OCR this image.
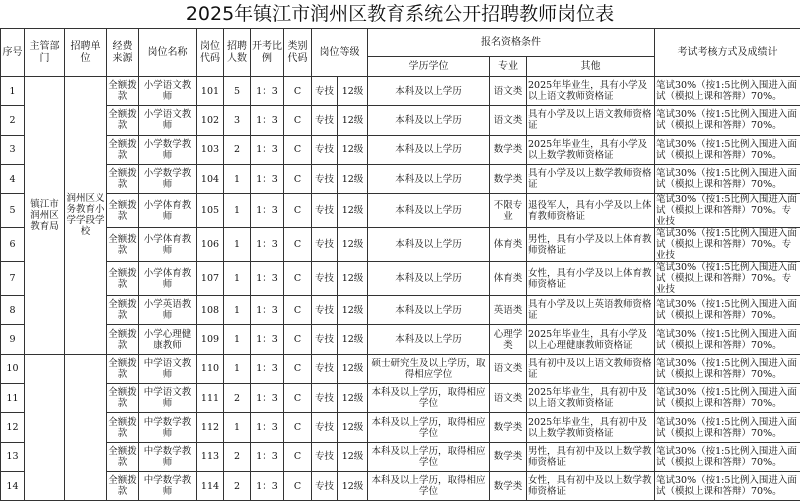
2025年镇江市润州区教育系统公开招聘教师岗位表
序号	主管部门	招聘单位	经费来源	岗位名称	岗位代码	招聘人数	开考比例	类别代码	岗位等级		报名资格条件			考试考核方式及成绩计
											学历学位	专业	其他	
1	镇江市润州区教育局	润州区义务教育小学学段学校	全额拨款	小学语文教师	101	5	1：3	C	专技	12级	本科及以上学历	语文类	2025年毕业生，具有小学及以上语文教师资格证	笔试30%（按1:5比例入围进入面试（模拟上课和答辩）70%。
2			全额拨款	小学语文教师	102	3	1：3	C	专技	12级	本科及以上学历	语文类	具有小学及以上语文教师资格证	笔试30%（按1:5比例入围进入面试（模拟上课和答辩）70%。
3			全额拨款	小学数学教师	103	2	1：3	C	专技	12级	本科及以上学历	数学类	2025年毕业生，具有小学及以上数学教师资格证	笔试30%（按1:5比例入围进入面试（模拟上课和答辩）70%。
4			全额拨款	小学数学教师	104	1	1：3	C	专技	12级	本科及以上学历	数学类	具有小学及以上数学教师资格证	笔试30%（按1:5比例入围进入面试（模拟上课和答辩）70%。
5			全额拨款	小学体育教师	105	1	1：3	C	专技	12级	本科及以上学历	不限专业	退役军人，具有小学及以上体育教师资格证	笔试30%（按1:5比例入围进入面试（模拟上课和答辩）70%。专业技
6			全额拨款	小学体育教师	106	1	1：3	C	专技	12级	本科及以上学历	体育类	男性，具有小学及以上体育教师资格证	笔试30%（按1:5比例入围进入面试（模拟上课和答辩）70%。专业技
7			全额拨款	小学体育教师	107	1	1：3	C	专技	12级	本科及以上学历	体育类	女性，具有小学及以上体育教师资格证	笔试30%（按1:5比例入围进入面试（模拟上课和答辩）70%。专业技
8			全额拨款	小学英语教师	108	1	1：3	C	专技	12级	本科及以上学历	英语类	具有小学及以上英语教师资格证	笔试30%（按1:5比例入围进入面试（模拟上课和答辩）70%。
9			全额拨款	小学心理健康教师	109	1	1：3	C	专技	12级	本科及以上学历	心理学类	2025年毕业生，具有小学及以上心理健康教师资格证	笔试30%（按1:5比例入围进入面试（模拟上课和答辩）70%。
10			全额拨款	中学语文教师	110	1	1：3	C	专技	12级	硕士研究生及以上学历，取得相应学位	语文类	具有初中及以上语文教师资格证	笔试30%（按1:5比例入围进入面试（模拟上课和答辩）70%。
11			全额拨款	中学语文教师	111	2	1：3	C	专技	12级	本科及以上学历，取得相应学位	语文类	2025年毕业生，具有初中及以上语文教师资格证	笔试30%（按1:5比例入围进入面试（模拟上课和答辩）70%。
12			全额拨款	中学数学教师	112	1	1：3	C	专技	12级	本科及以上学历，取得相应学位	数学类	2025年毕业生，具有初中及以上数学教师资格证	笔试30%（按1:5比例入围进入面试（模拟上课和答辩）70%。
13			全额拨款	中学数学教师	113	2	1：3	C	专技	12级	本科及以上学历，取得相应学位	数学类	男性，具有初中及以上数学教师资格证	笔试30%（按1:5比例入围进入面试（模拟上课和答辩）70%。
14			全额拨款	中学数学教师	114	2	1：3	C	专技	12级	本科及以上学历，取得相应学位	数学类	女性，具有初中及以上数学教师资格证	笔试30%（按1:5比例入围进入面试（模拟上课和答辩）70%。
